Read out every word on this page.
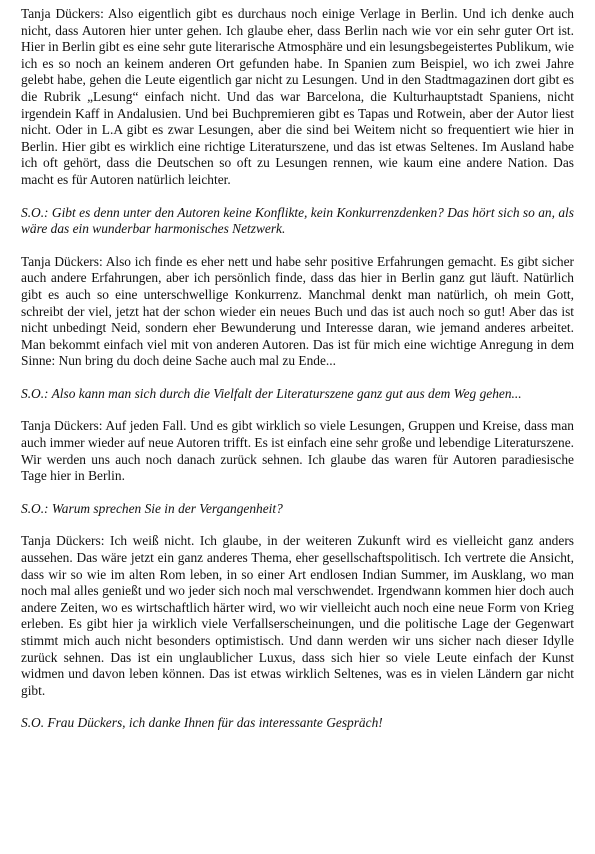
Tanja Dückers: Also eigentlich gibt es durchaus noch einige Verlage in Berlin. Und ich denke auch nicht, dass Autoren hier unter gehen. Ich glaube eher, dass Berlin nach wie vor ein sehr guter Ort ist. Hier in Berlin gibt es eine sehr gute literarische Atmosphäre und ein lesungsbegeistertes Publikum, wie ich es so noch an keinem anderen Ort gefunden habe. In Spanien zum Beispiel, wo ich zwei Jahre gelebt habe, gehen die Leute eigentlich gar nicht zu Lesungen. Und in den Stadtmagazinen dort gibt es die Rubrik „Lesung“ einfach nicht. Und das war Barcelona, die Kulturhauptstadt Spaniens, nicht irgendein Kaff in Andalusien. Und bei Buchpremieren gibt es Tapas und Rotwein, aber der Autor liest nicht. Oder in L.A gibt es zwar Lesungen, aber die sind bei Weitem nicht so frequentiert wie hier in Berlin. Hier gibt es wirklich eine richtige Literaturszene, und das ist etwas Seltenes. Im Ausland habe ich oft gehört, dass die Deutschen so oft zu Lesungen rennen, wie kaum eine andere Nation. Das macht es für Autoren natürlich leichter.

S.O.: Gibt es denn unter den Autoren keine Konflikte, kein Konkurrenzdenken? Das hört sich so an, als wäre das ein wunderbar harmonisches Netzwerk.

Tanja Dückers: Also ich finde es eher nett und habe sehr positive Erfahrungen gemacht. Es gibt sicher auch andere Erfahrungen, aber ich persönlich finde, dass das hier in Berlin ganz gut läuft. Natürlich gibt es auch so eine unterschwellige Konkurrenz. Manchmal denkt man natürlich, oh mein Gott, schreibt der viel, jetzt hat der schon wieder ein neues Buch und das ist auch noch so gut! Aber das ist nicht unbedingt Neid, sondern eher Bewunderung und Interesse daran, wie jemand anderes arbeitet. Man bekommt einfach viel mit von anderen Autoren. Das ist für mich eine wichtige Anregung in dem Sinne: Nun bring du doch deine Sache auch mal zu Ende...

S.O.: Also kann man sich durch die Vielfalt der Literaturszene ganz gut aus dem Weg gehen...

Tanja Dückers: Auf jeden Fall. Und es gibt wirklich so viele Lesungen, Gruppen und Kreise, dass man auch immer wieder auf neue Autoren trifft. Es ist einfach eine sehr große und lebendige Literaturszene. Wir werden uns auch noch danach zurück sehnen. Ich glaube das waren für Autoren paradiesische Tage hier in Berlin.

S.O.: Warum sprechen Sie in der Vergangenheit?

Tanja Dückers: Ich weiß nicht. Ich glaube, in der weiteren Zukunft wird es vielleicht ganz anders aussehen. Das wäre jetzt ein ganz anderes Thema, eher gesellschaftspolitisch. Ich vertrete die Ansicht, dass wir so wie im alten Rom leben, in so einer Art endlosen Indian Summer, im Ausklang, wo man noch mal alles genießt und wo jeder sich noch mal verschwendet. Irgendwann kommen hier doch auch andere Zeiten, wo es wirtschaftlich härter wird, wo wir vielleicht auch noch eine neue Form von Krieg erleben. Es gibt hier ja wirklich viele Verfallserscheinungen, und die politische Lage der Gegenwart stimmt mich auch nicht besonders optimistisch. Und dann werden wir uns sicher nach dieser Idylle zurück sehnen. Das ist ein unglaublicher Luxus, dass sich hier so viele Leute einfach der Kunst widmen und davon leben können. Das ist etwas wirklich Seltenes, was es in vielen Ländern gar nicht gibt.

S.O. Frau Dückers, ich danke Ihnen für das interessante Gespräch!
